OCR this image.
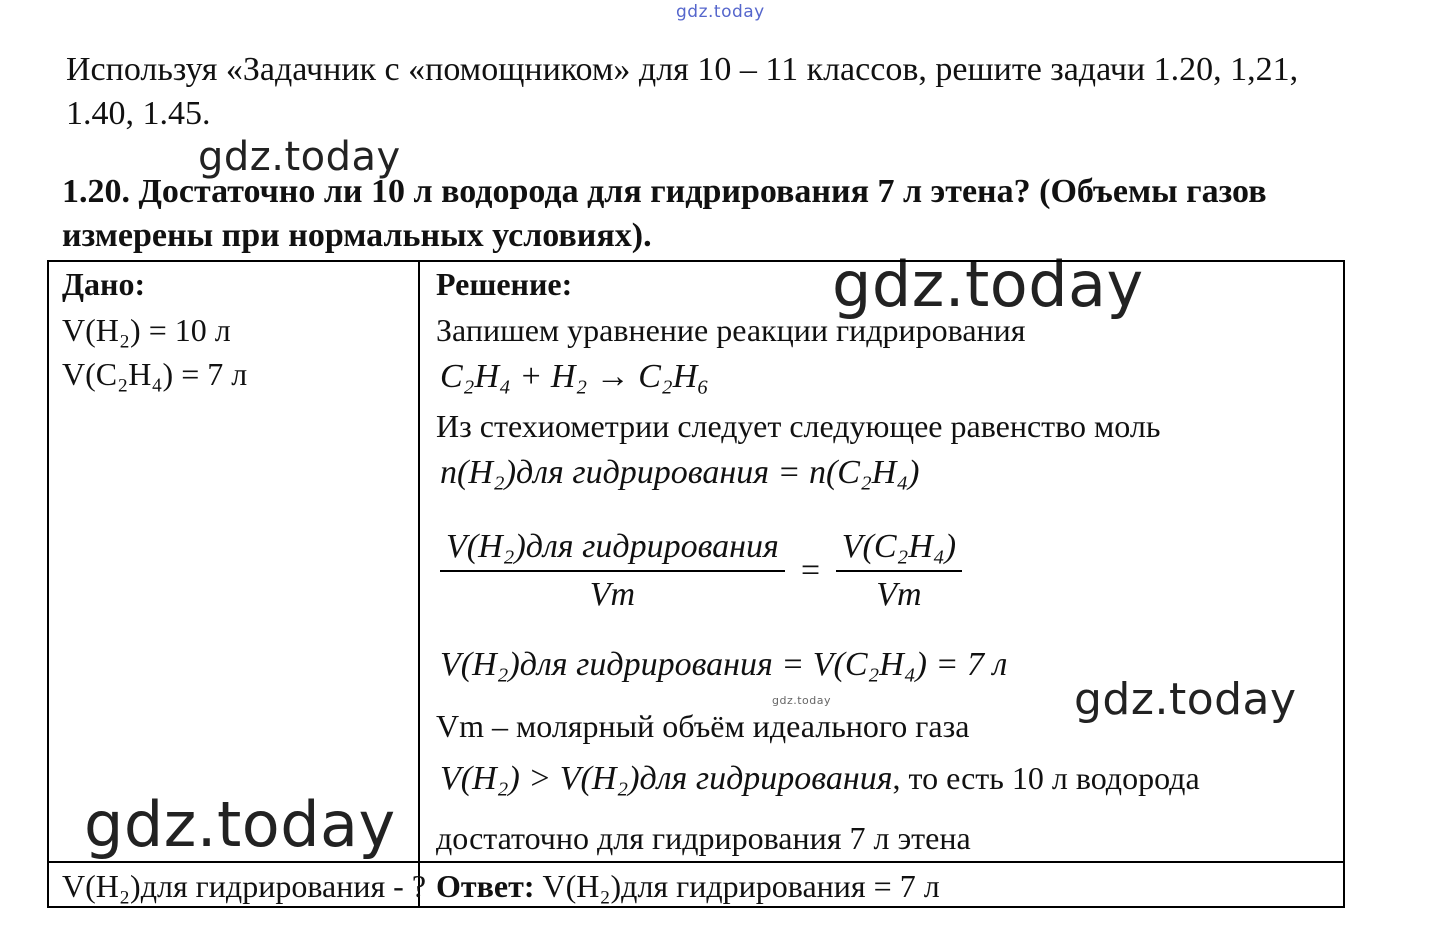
gdz.today
gdz.today
gdz.today
gdz.today	gdz.today
gdz.today
Используя «Задачник с «помощником» для 10 – 11 классов, решите задачи 1.20, 1,21, 1.40, 1.45.
1.20. Достаточно ли 10 л водорода для гидрирования 7 л этена? (Объемы газов измерены при нормальных условиях).
Дано:
V(H₂) = 10 л
V(C₂H₄) = 7 л
V(H₂)для гидрирования - ?
Решение:
Запишем уравнение реакции гидрирования
C₂H₄ + H₂ → C₂H₆
Из стехиометрии следует следующее равенство моль
n(H₂)для гидрирования = n(C₂H₄)
$\frac{\text{V(H₂)для гидрирования}}{Vm} = \frac{\text{V(C₂H₄)}}{Vm}$
V(H₂)для гидрирования = V(C₂H₄) = 7 л
Vm – молярный объём идеального газа
V(H₂) > V(H₂)для гидрирования, то есть 10 л водорода
достаточно для гидрирования 7 л этена
Ответ: V(H₂)для гидрирования = 7 л
